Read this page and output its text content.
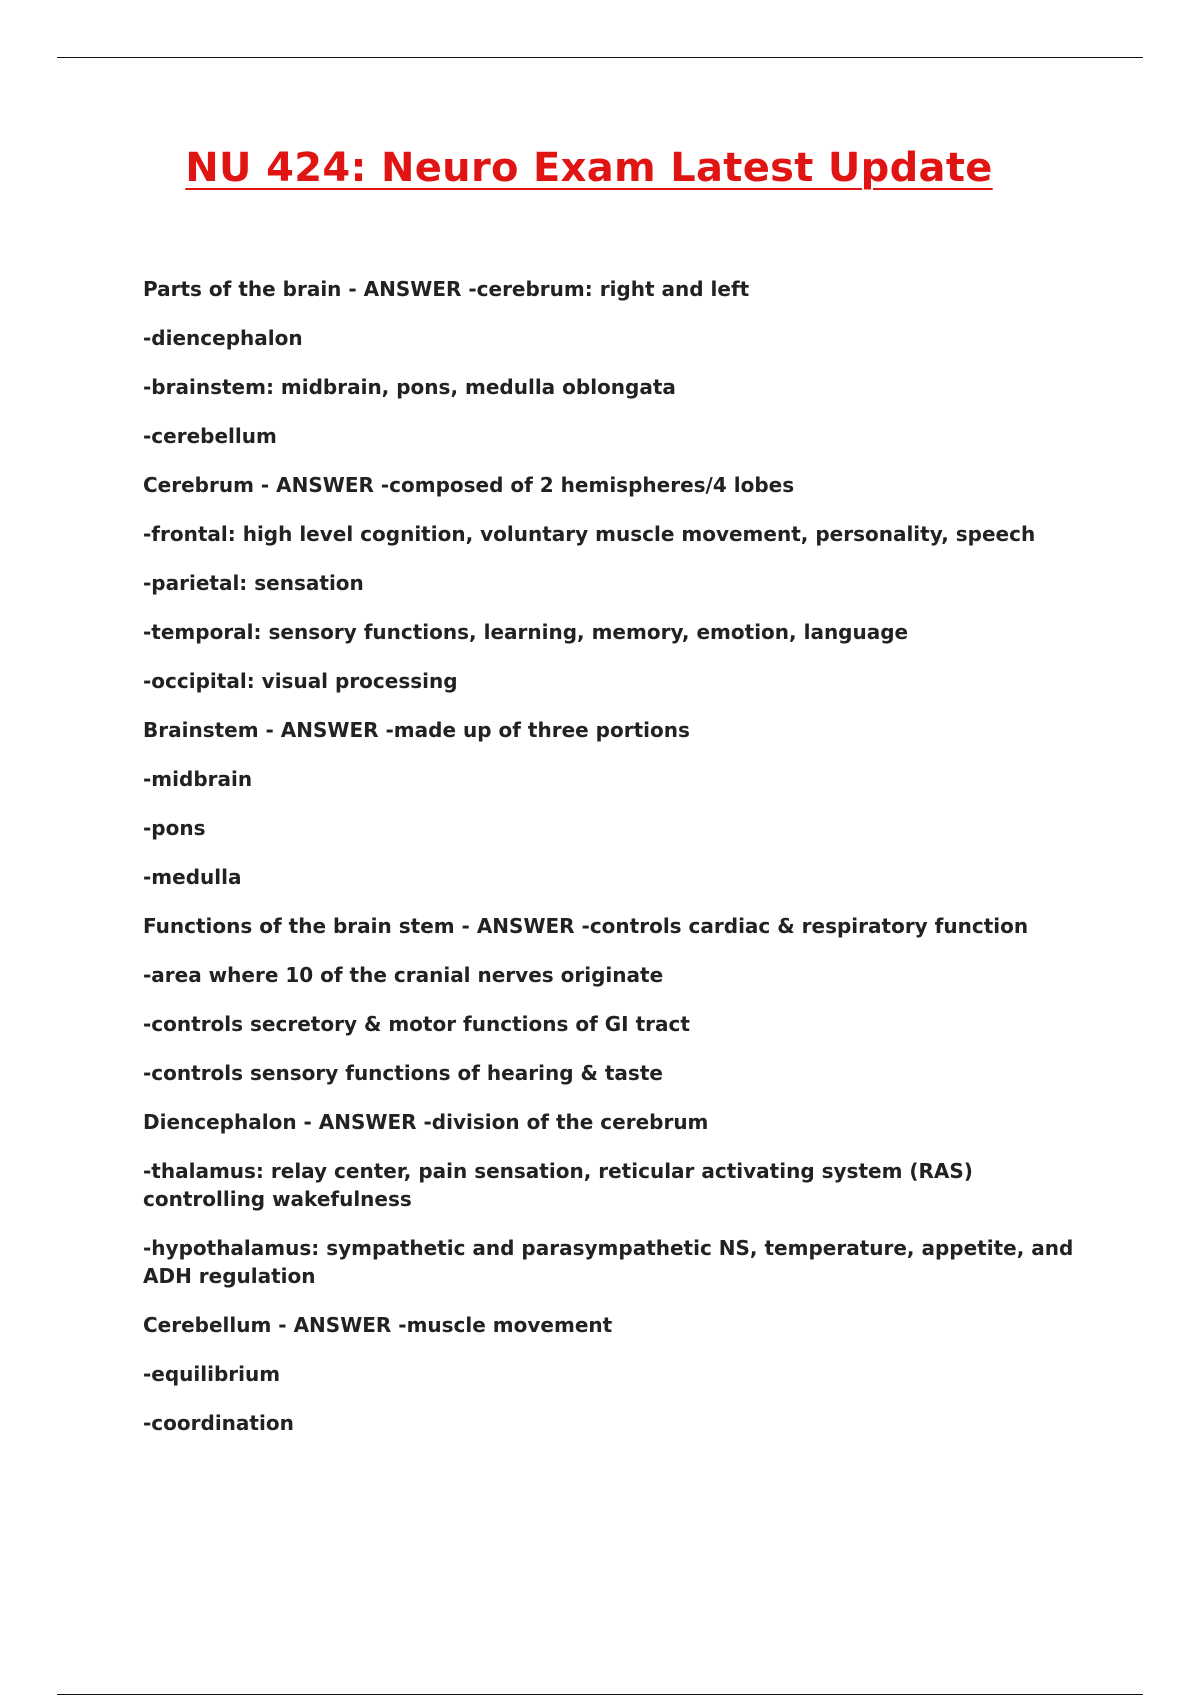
NU 424: Neuro Exam Latest Update

Parts of the brain - ANSWER -cerebrum: right and left

-diencephalon

-brainstem: midbrain, pons, medulla oblongata

-cerebellum

Cerebrum - ANSWER -composed of 2 hemispheres/4 lobes

-frontal: high level cognition, voluntary muscle movement, personality, speech

-parietal: sensation

-temporal: sensory functions, learning, memory, emotion, language

-occipital: visual processing

Brainstem - ANSWER -made up of three portions

-midbrain

-pons

-medulla

Functions of the brain stem - ANSWER -controls cardiac & respiratory function

-area where 10 of the cranial nerves originate

-controls secretory & motor functions of GI tract

-controls sensory functions of hearing & taste

Diencephalon - ANSWER -division of the cerebrum

-thalamus: relay center, pain sensation, reticular activating system (RAS) controlling wakefulness

-hypothalamus: sympathetic and parasympathetic NS, temperature, appetite, and ADH regulation

Cerebellum - ANSWER -muscle movement

-equilibrium

-coordination
